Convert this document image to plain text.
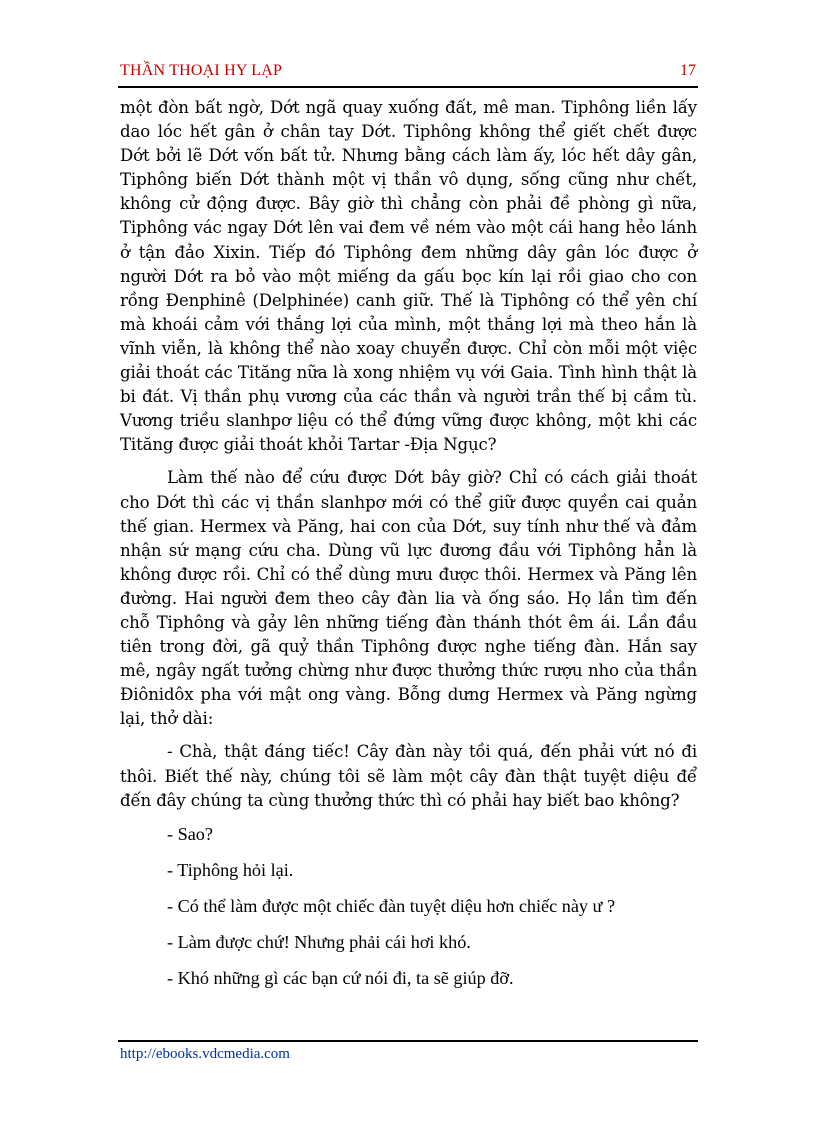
THẦN THOẠI HY LẠP	17

một đòn bất ngờ, Dớt ngã quay xuống đất, mê man. Tiphông liền lấy dao lóc hết gân ở chân tay Dớt. Tiphông không thể giết chết được Dớt bởi lẽ Dớt vốn bất tử. Nhưng bằng cách làm ấy, lóc hết dây gân, Tiphông biến Dớt thành một vị thần vô dụng, sống cũng như chết, không cử động được. Bây giờ thì chẳng còn phải đề phòng gì nữa, Tiphông vác ngay Dớt lên vai đem về ném vào một cái hang hẻo lánh ở tận đảo Xixin. Tiếp đó Tiphông đem những dây gân lóc được ở người Dớt ra bỏ vào một miếng da gấu bọc kín lại rồi giao cho con rồng Đenphinê (Delphinée) canh giữ. Thế là Tiphông có thể yên chí mà khoái cảm với thắng lợi của mình, một thắng lợi mà theo hắn là vĩnh viễn, là không thể nào xoay chuyển được. Chỉ còn mỗi một việc giải thoát các Tităng nữa là xong nhiệm vụ với Gaia. Tình hình thật là bi đát. Vị thần phụ vương của các thần và người trần thế bị cầm tù. Vương triều slanhpơ liệu có thể đứng vững được không, một khi các Tităng được giải thoát khỏi Tartar -Địa Ngục?

Làm thế nào để cứu được Dớt bây giờ? Chỉ có cách giải thoát cho Dớt thì các vị thần slanhpơ mới có thể giữ được quyền cai quản thế gian. Hermex và Păng, hai con của Dớt, suy tính như thế và đảm nhận sứ mạng cứu cha. Dùng vũ lực đương đầu với Tiphông hẳn là không được rồi. Chỉ có thể dùng mưu được thôi. Hermex và Păng lên đường. Hai người đem theo cây đàn lia và ống sáo. Họ lần tìm đến chỗ Tiphông và gảy lên những tiếng đàn thánh thót êm ái. Lần đầu tiên trong đời, gã quỷ thần Tiphông được nghe tiếng đàn. Hắn say mê, ngây ngất tưởng chừng như được thưởng thức rượu nho của thần Điônidôx pha với mật ong vàng. Bỗng dưng Hermex và Păng ngừng lại, thở dài:

- Chà, thật đáng tiếc! Cây đàn này tồi quá, đến phải vứt nó đi thôi. Biết thế này, chúng tôi sẽ làm một cây đàn thật tuyệt diệu để đến đây chúng ta cùng thưởng thức thì có phải hay biết bao không?

- Sao?

- Tiphông hỏi lại.

- Có thể làm được một chiếc đàn tuyệt diệu hơn chiếc này ư ?

- Làm được chứ! Nhưng phải cái hơi khó.

- Khó những gì các bạn cứ nói đi, ta sẽ giúp đỡ.

http://ebooks.vdcmedia.com
